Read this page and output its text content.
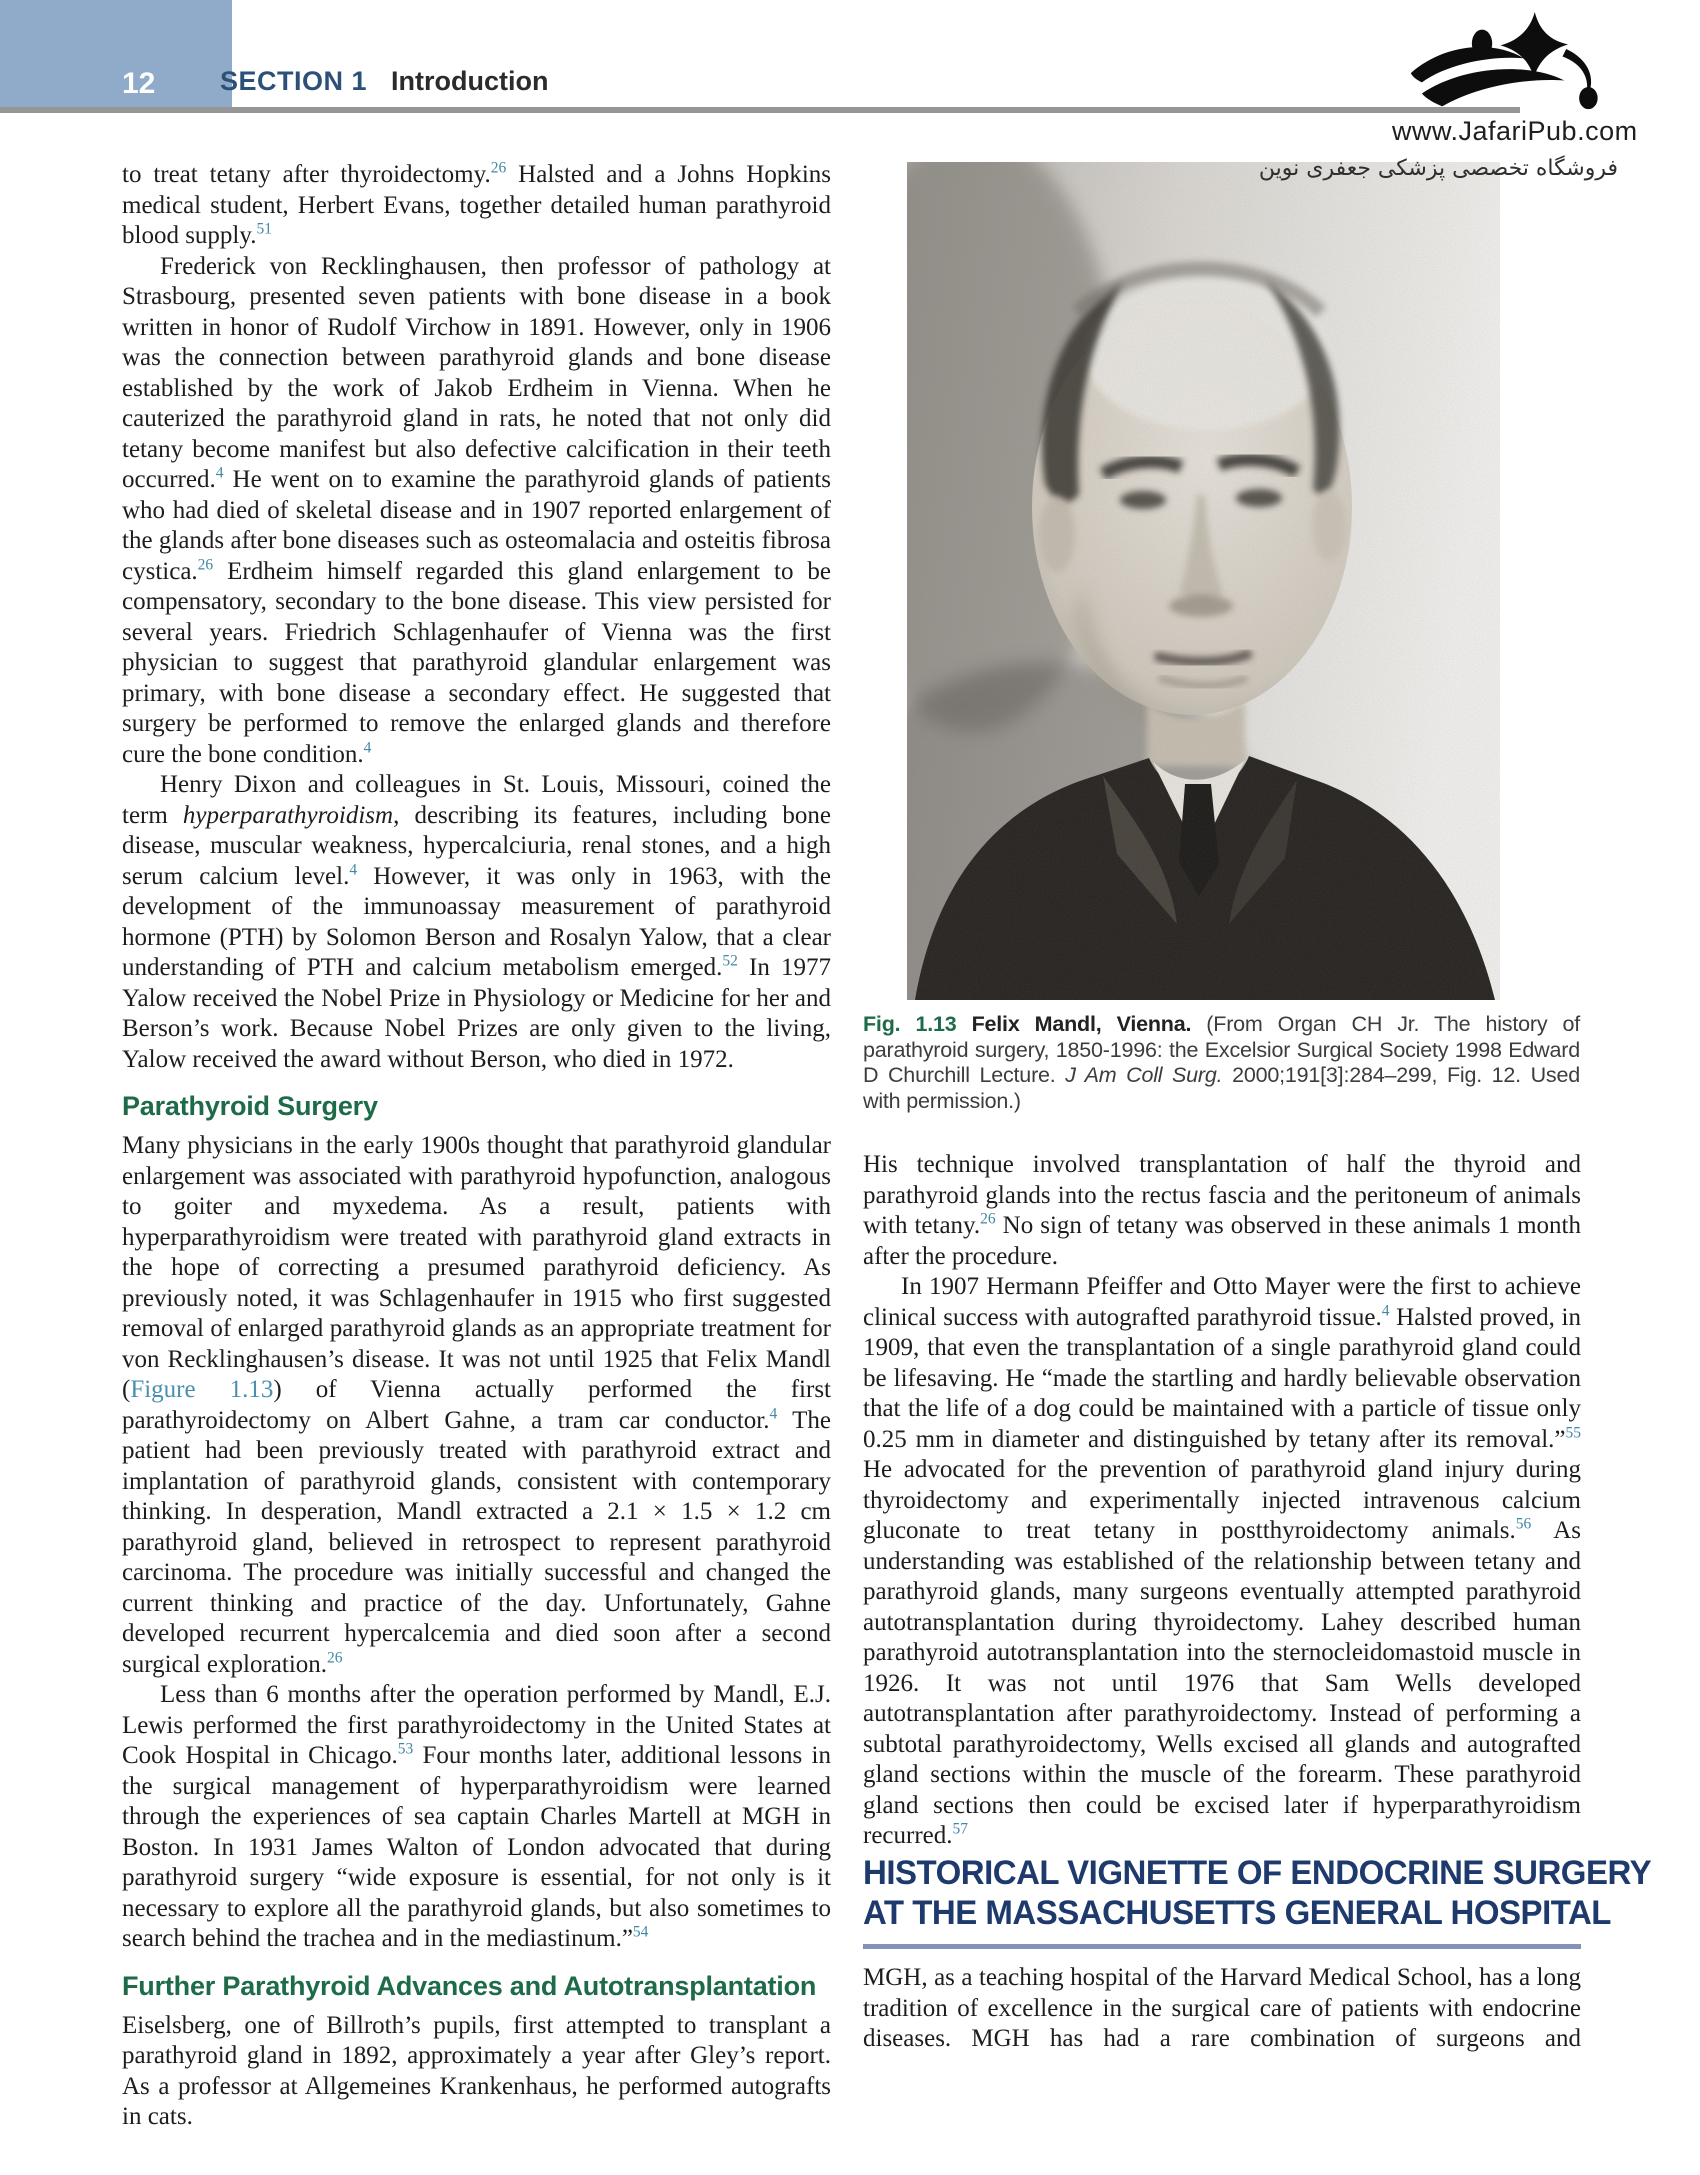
12 SECTION 1 Introduction
www.JafariPub.com
فروشگاه تخصصی پزشکی جعفری نوین

Fig. 1.13 Felix Mandl, Vienna. (From Organ CH Jr. The history of parathyroid surgery, 1850-1996: the Excelsior Surgical Society 1998 Edward D Churchill Lecture. J Am Coll Surg. 2000;191[3]:284–299, Fig. 12. Used with permission.)

to treat tetany after thyroidectomy.$^{26}$ Halsted and a Johns Hopkins medical student, Herbert Evans, together detailed human parathyroid blood supply.$^{51}$

Frederick von Recklinghausen, then professor of pathology at Strasbourg, presented seven patients with bone disease in a book written in honor of Rudolf Virchow in 1891. However, only in 1906 was the connection between parathyroid glands and bone disease established by the work of Jakob Erdheim in Vienna. When he cauterized the parathyroid gland in rats, he noted that not only did tetany become manifest but also defective calcification in their teeth occurred.$^4$ He went on to examine the parathyroid glands of patients who had died of skeletal disease and in 1907 reported enlargement of the glands after bone diseases such as osteomalacia and osteitis fibrosa cystica.$^{26}$ Erdheim himself regarded this gland enlargement to be compensatory, secondary to the bone disease. This view persisted for several years. Friedrich Schlagenhaufer of Vienna was the first physician to suggest that parathyroid glandular enlargement was primary, with bone disease a secondary effect. He suggested that surgery be performed to remove the enlarged glands and therefore cure the bone condition.$^4$

Henry Dixon and colleagues in St. Louis, Missouri, coined the term hyperparathyroidism, describing its features, including bone disease, muscular weakness, hypercalciuria, renal stones, and a high serum calcium level.$^4$ However, it was only in 1963, with the development of the immunoassay measurement of parathyroid hormone (PTH) by Solomon Berson and Rosalyn Yalow, that a clear understanding of PTH and calcium metabolism emerged.$^{52}$ In 1977 Yalow received the Nobel Prize in Physiology or Medicine for her and Berson’s work. Because Nobel Prizes are only given to the living, Yalow received the award without Berson, who died in 1972.

Parathyroid Surgery

Many physicians in the early 1900s thought that parathyroid glandular enlargement was associated with parathyroid hypofunction, analogous to goiter and myxedema. As a result, patients with hyperparathyroidism were treated with parathyroid gland extracts in the hope of correcting a presumed parathyroid deficiency. As previously noted, it was Schlagenhaufer in 1915 who first suggested removal of enlarged parathyroid glands as an appropriate treatment for von Recklinghausen’s disease. It was not until 1925 that Felix Mandl (Figure 1.13) of Vienna actually performed the first parathyroidectomy on Albert Gahne, a tram car conductor.$^4$ The patient had been previously treated with parathyroid extract and implantation of parathyroid glands, consistent with contemporary thinking. In desperation, Mandl extracted a 2.1 × 1.5 × 1.2 cm parathyroid gland, believed in retrospect to represent parathyroid carcinoma. The procedure was initially successful and changed the current thinking and practice of the day. Unfortunately, Gahne developed recurrent hypercalcemia and died soon after a second surgical exploration.$^{26}$

Less than 6 months after the operation performed by Mandl, E.J. Lewis performed the first parathyroidectomy in the United States at Cook Hospital in Chicago.$^{53}$ Four months later, additional lessons in the surgical management of hyperparathyroidism were learned through the experiences of sea captain Charles Martell at MGH in Boston. In 1931 James Walton of London advocated that during parathyroid surgery “wide exposure is essential, for not only is it necessary to explore all the parathyroid glands, but also sometimes to search behind the trachea and in the mediastinum.”$^{54}$

Further Parathyroid Advances and Autotransplantation

Eiselsberg, one of Billroth’s pupils, first attempted to transplant a parathyroid gland in 1892, approximately a year after Gley’s report. As a professor at Allgemeines Krankenhaus, he performed autografts in cats.

His technique involved transplantation of half the thyroid and parathyroid glands into the rectus fascia and the peritoneum of animals with tetany.$^{26}$ No sign of tetany was observed in these animals 1 month after the procedure.

In 1907 Hermann Pfeiffer and Otto Mayer were the first to achieve clinical success with autografted parathyroid tissue.$^4$ Halsted proved, in 1909, that even the transplantation of a single parathyroid gland could be lifesaving. He “made the startling and hardly believable observation that the life of a dog could be maintained with a particle of tissue only 0.25 mm in diameter and distinguished by tetany after its removal.”$^{55}$ He advocated for the prevention of parathyroid gland injury during thyroidectomy and experimentally injected intravenous calcium gluconate to treat tetany in postthyroidectomy animals.$^{56}$ As understanding was established of the relationship between tetany and parathyroid glands, many surgeons eventually attempted parathyroid autotransplantation during thyroidectomy. Lahey described human parathyroid autotransplantation into the sternocleidomastoid muscle in 1926. It was not until 1976 that Sam Wells developed autotransplantation after parathyroidectomy. Instead of performing a subtotal parathyroidectomy, Wells excised all glands and autografted gland sections within the muscle of the forearm. These parathyroid gland sections then could be excised later if hyperparathyroidism recurred.$^{57}$

HISTORICAL VIGNETTE OF ENDOCRINE SURGERY
AT THE MASSACHUSETTS GENERAL HOSPITAL

MGH, as a teaching hospital of the Harvard Medical School, has a long tradition of excellence in the surgical care of patients with endocrine diseases. MGH has had a rare combination of surgeons and
